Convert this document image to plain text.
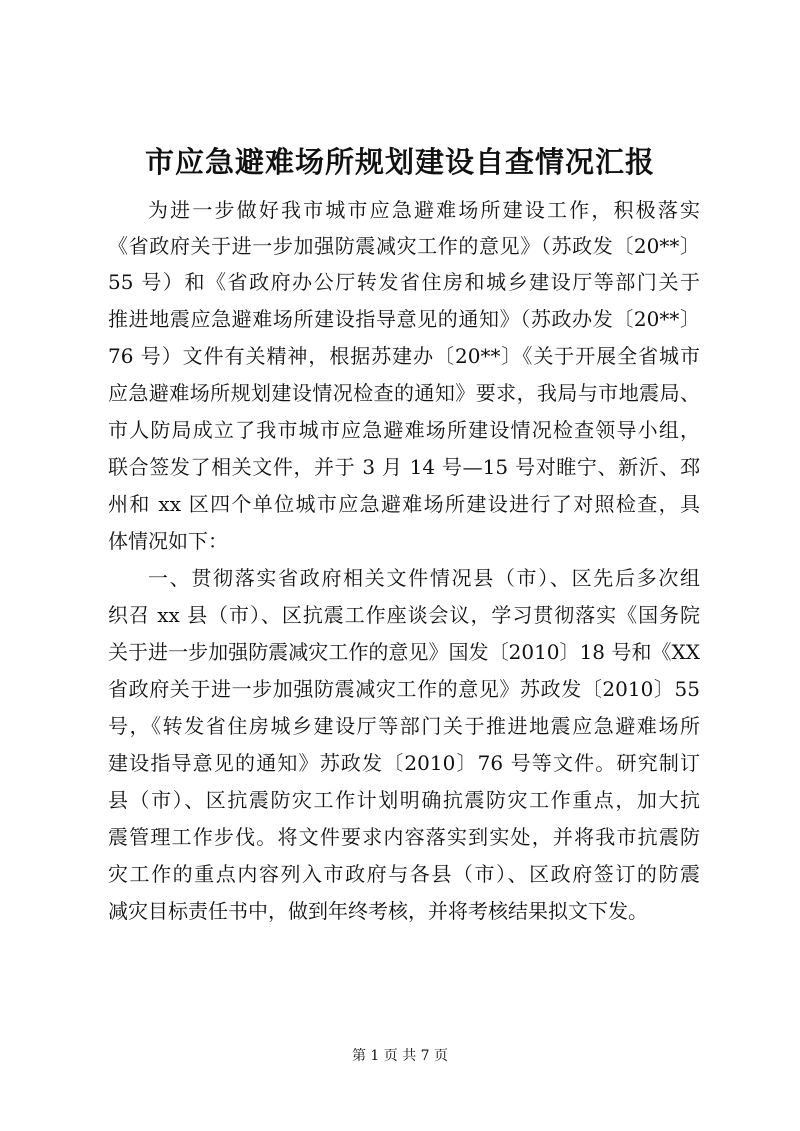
市应急避难场所规划建设自查情况汇报
为进一步做好我市城市应急避难场所建设工作，积极落实
《省政府关于进一步加强防震减灾工作的意见》（苏政发〔20**〕
55 号）和《省政府办公厅转发省住房和城乡建设厅等部门关于
推进地震应急避难场所建设指导意见的通知》（苏政办发〔20**〕
76 号）文件有关精神，根据苏建办〔20**〕《关于开展全省城市
应急避难场所规划建设情况检查的通知》要求，我局与市地震局、
市人防局成立了我市城市应急避难场所建设情况检查领导小组，
联合签发了相关文件，并于 3 月 14 号—15 号对睢宁、新沂、邳
州和 xx 区四个单位城市应急避难场所建设进行了对照检查，具
体情况如下：
一、贯彻落实省政府相关文件情况县（市）、区先后多次组
织召 xx 县（市）、区抗震工作座谈会议，学习贯彻落实《国务院
关于进一步加强防震减灾工作的意见》国发〔2010〕18 号和《XX
省政府关于进一步加强防震减灾工作的意见》苏政发〔2010〕55
号，《转发省住房城乡建设厅等部门关于推进地震应急避难场所
建设指导意见的通知》苏政发〔2010〕76 号等文件。研究制订
县（市）、区抗震防灾工作计划明确抗震防灾工作重点，加大抗
震管理工作步伐。将文件要求内容落实到实处，并将我市抗震防
灾工作的重点内容列入市政府与各县（市）、区政府签订的防震
减灾目标责任书中，做到年终考核，并将考核结果拟文下发。
第 1 页 共 7 页
